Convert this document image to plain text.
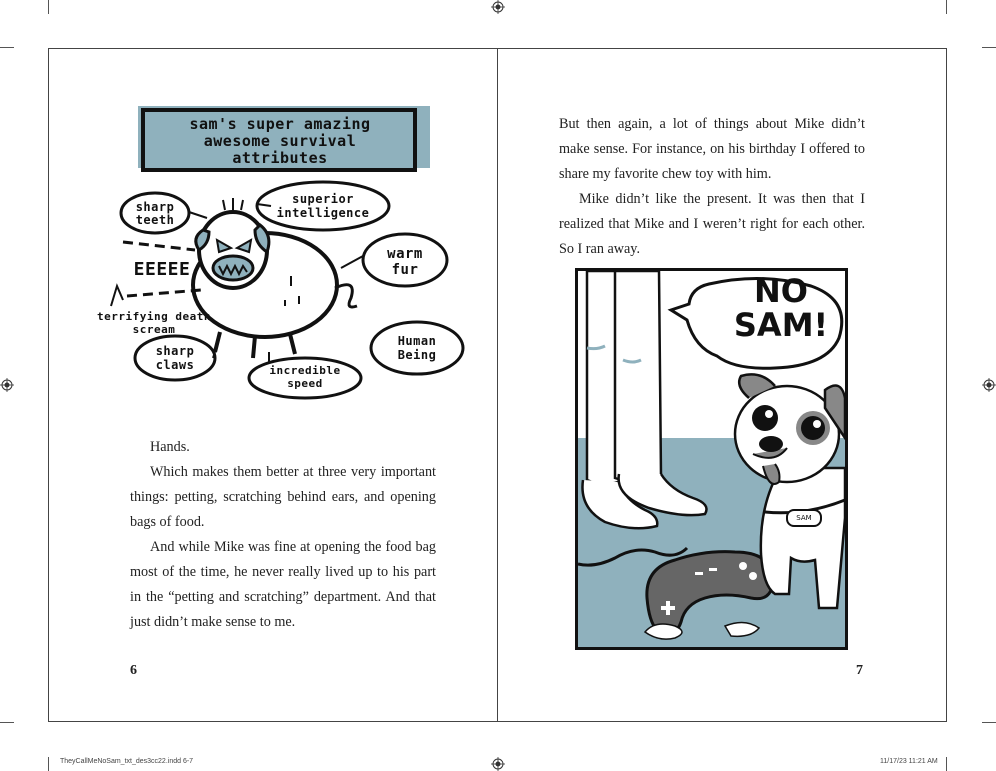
sam's super amazing awesome survival attributes
sharp teeth
superior intelligence
warm fur
EEEEE
terrifying death scream
sharp claws	incredible speed
Human Being

Hands.

Which makes them better at three very important things: petting, scratching behind ears, and opening bags of food.

And while Mike was fine at opening the food bag most of the time, he never really lived up to his part in the “petting and scratching” department. And that just didn’t make sense to me.

6

But then again, a lot of things about Mike didn’t make sense. For instance, on his birthday I offered to share my favorite chew toy with him.

Mike didn’t like the present. It was then that I realized that Mike and I weren’t right for each other. So I ran away.

NO SAM!
SAM
7
TheyCallMeNoSam_txt_des3cc22.indd 6-7	11/17/23 11:21 AM
